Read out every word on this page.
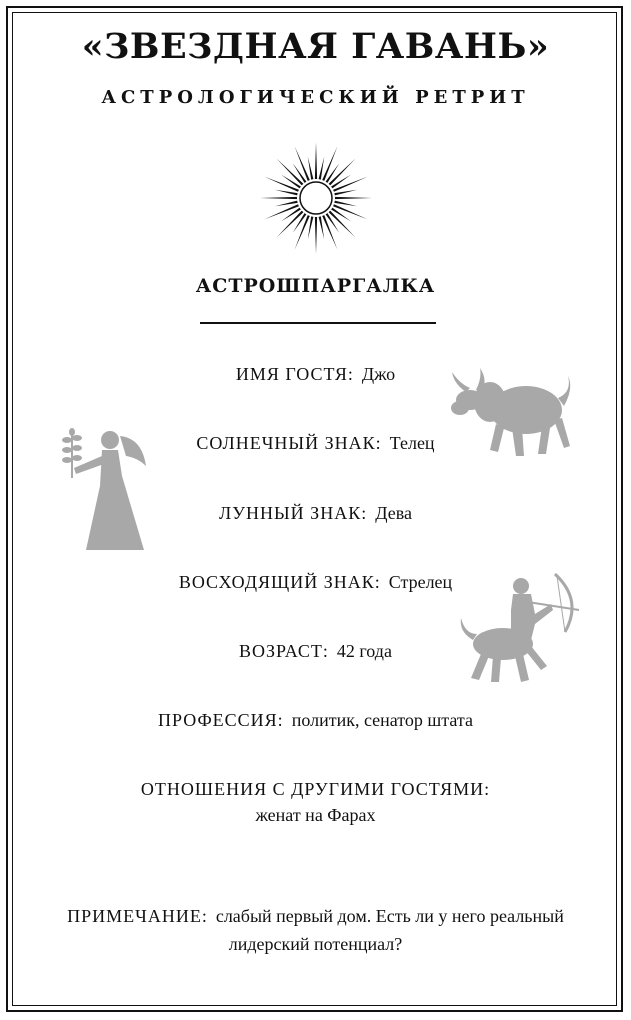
«ЗВЕЗДНАЯ ГАВАНЬ»
АСТРОЛОГИЧЕСКИЙ РЕТРИТ
АСТРОШПАРГАЛКА
ИМЯ ГОСТЯ: Джо
СОЛНЕЧНЫЙ ЗНАК: Телец
ЛУННЫЙ ЗНАК: Дева
ВОСХОДЯЩИЙ ЗНАК: Стрелец
ВОЗРАСТ: 42 года
ПРОФЕССИЯ: политик, сенатор штата
ОТНОШЕНИЯ С ДРУГИМИ ГОСТЯМИ:
женат на Фарах
ПРИМЕЧАНИЕ: слабый первый дом. Есть ли у него реальный лидерский потенциал?
